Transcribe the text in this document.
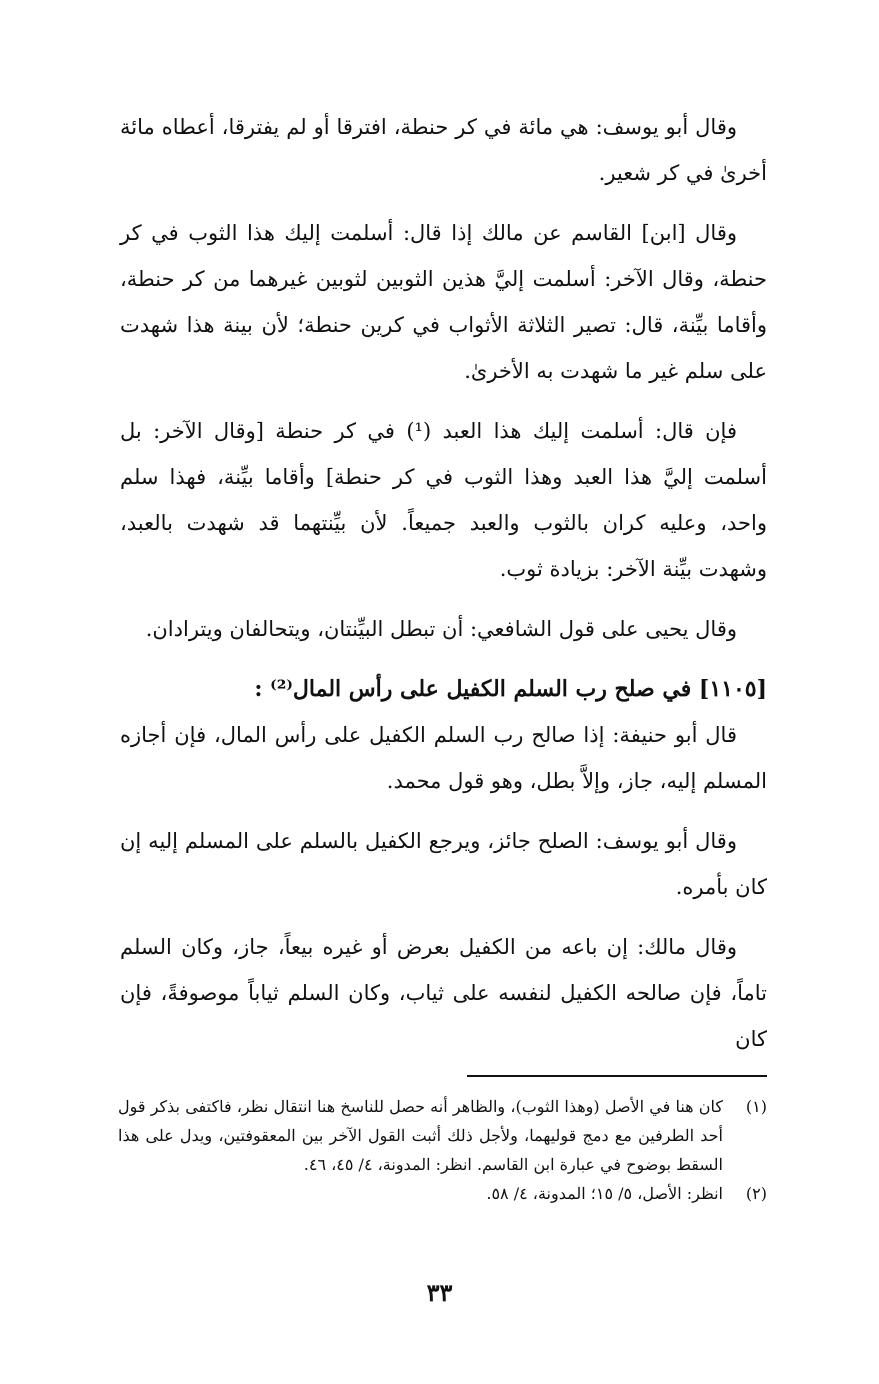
وقال أبو يوسف: هي مائة في كر حنطة، افترقا أو لم يفترقا، أعطاه مائة أخرىٰ في كر شعير.

وقال [ابن] القاسم عن مالك إذا قال: أسلمت إليك هذا الثوب في كر حنطة، وقال الآخر: أسلمت إليَّ هذين الثوبين لثوبين غيرهما من كر حنطة، وأقاما بيِّنة، قال: تصير الثلاثة الأثواب في كرين حنطة؛ لأن بينة هذا شهدت على سلم غير ما شهدت به الأخرىٰ.

فإن قال: أسلمت إليك هذا العبد (¹) في كر حنطة [وقال الآخر: بل أسلمت إليَّ هذا العبد وهذا الثوب في كر حنطة] وأقاما بيِّنة، فهذا سلم واحد، وعليه كران بالثوب والعبد جميعاً. لأن بيِّنتهما قد شهدت بالعبد، وشهدت بيِّنة الآخر: بزيادة ثوب.

وقال يحيى على قول الشافعي: أن تبطل البيِّنتان، ويتحالفان ويترادان.

[١١٠٥] في صلح رب السلم الكفيل على رأس المال⁽²⁾ :

قال أبو حنيفة: إذا صالح رب السلم الكفيل على رأس المال، فإن أجازه المسلم إليه، جاز، وإلاَّ بطل، وهو قول محمد.

وقال أبو يوسف: الصلح جائز، ويرجع الكفيل بالسلم على المسلم إليه إن كان بأمره.

وقال مالك: إن باعه من الكفيل بعرض أو غيره بيعاً، جاز، وكان السلم تاماً، فإن صالحه الكفيل لنفسه على ثياب، وكان السلم ثياباً موصوفةً، فإن كان

(١)
كان هنا في الأصل (وهذا الثوب)، والظاهر أنه حصل للناسخ هنا انتقال نظر، فاكتفى بذكر قول أحد الطرفين مع دمج قوليهما، ولأجل ذلك أثبت القول الآخر بين المعقوفتين، ويدل على هذا السقط بوضوح في عبارة ابن القاسم. انظر: المدونة، ٤/ ٤٥، ٤٦.
(٢)
انظر: الأصل، ٥/ ١٥؛ المدونة، ٤/ ٥٨.
٣٣
